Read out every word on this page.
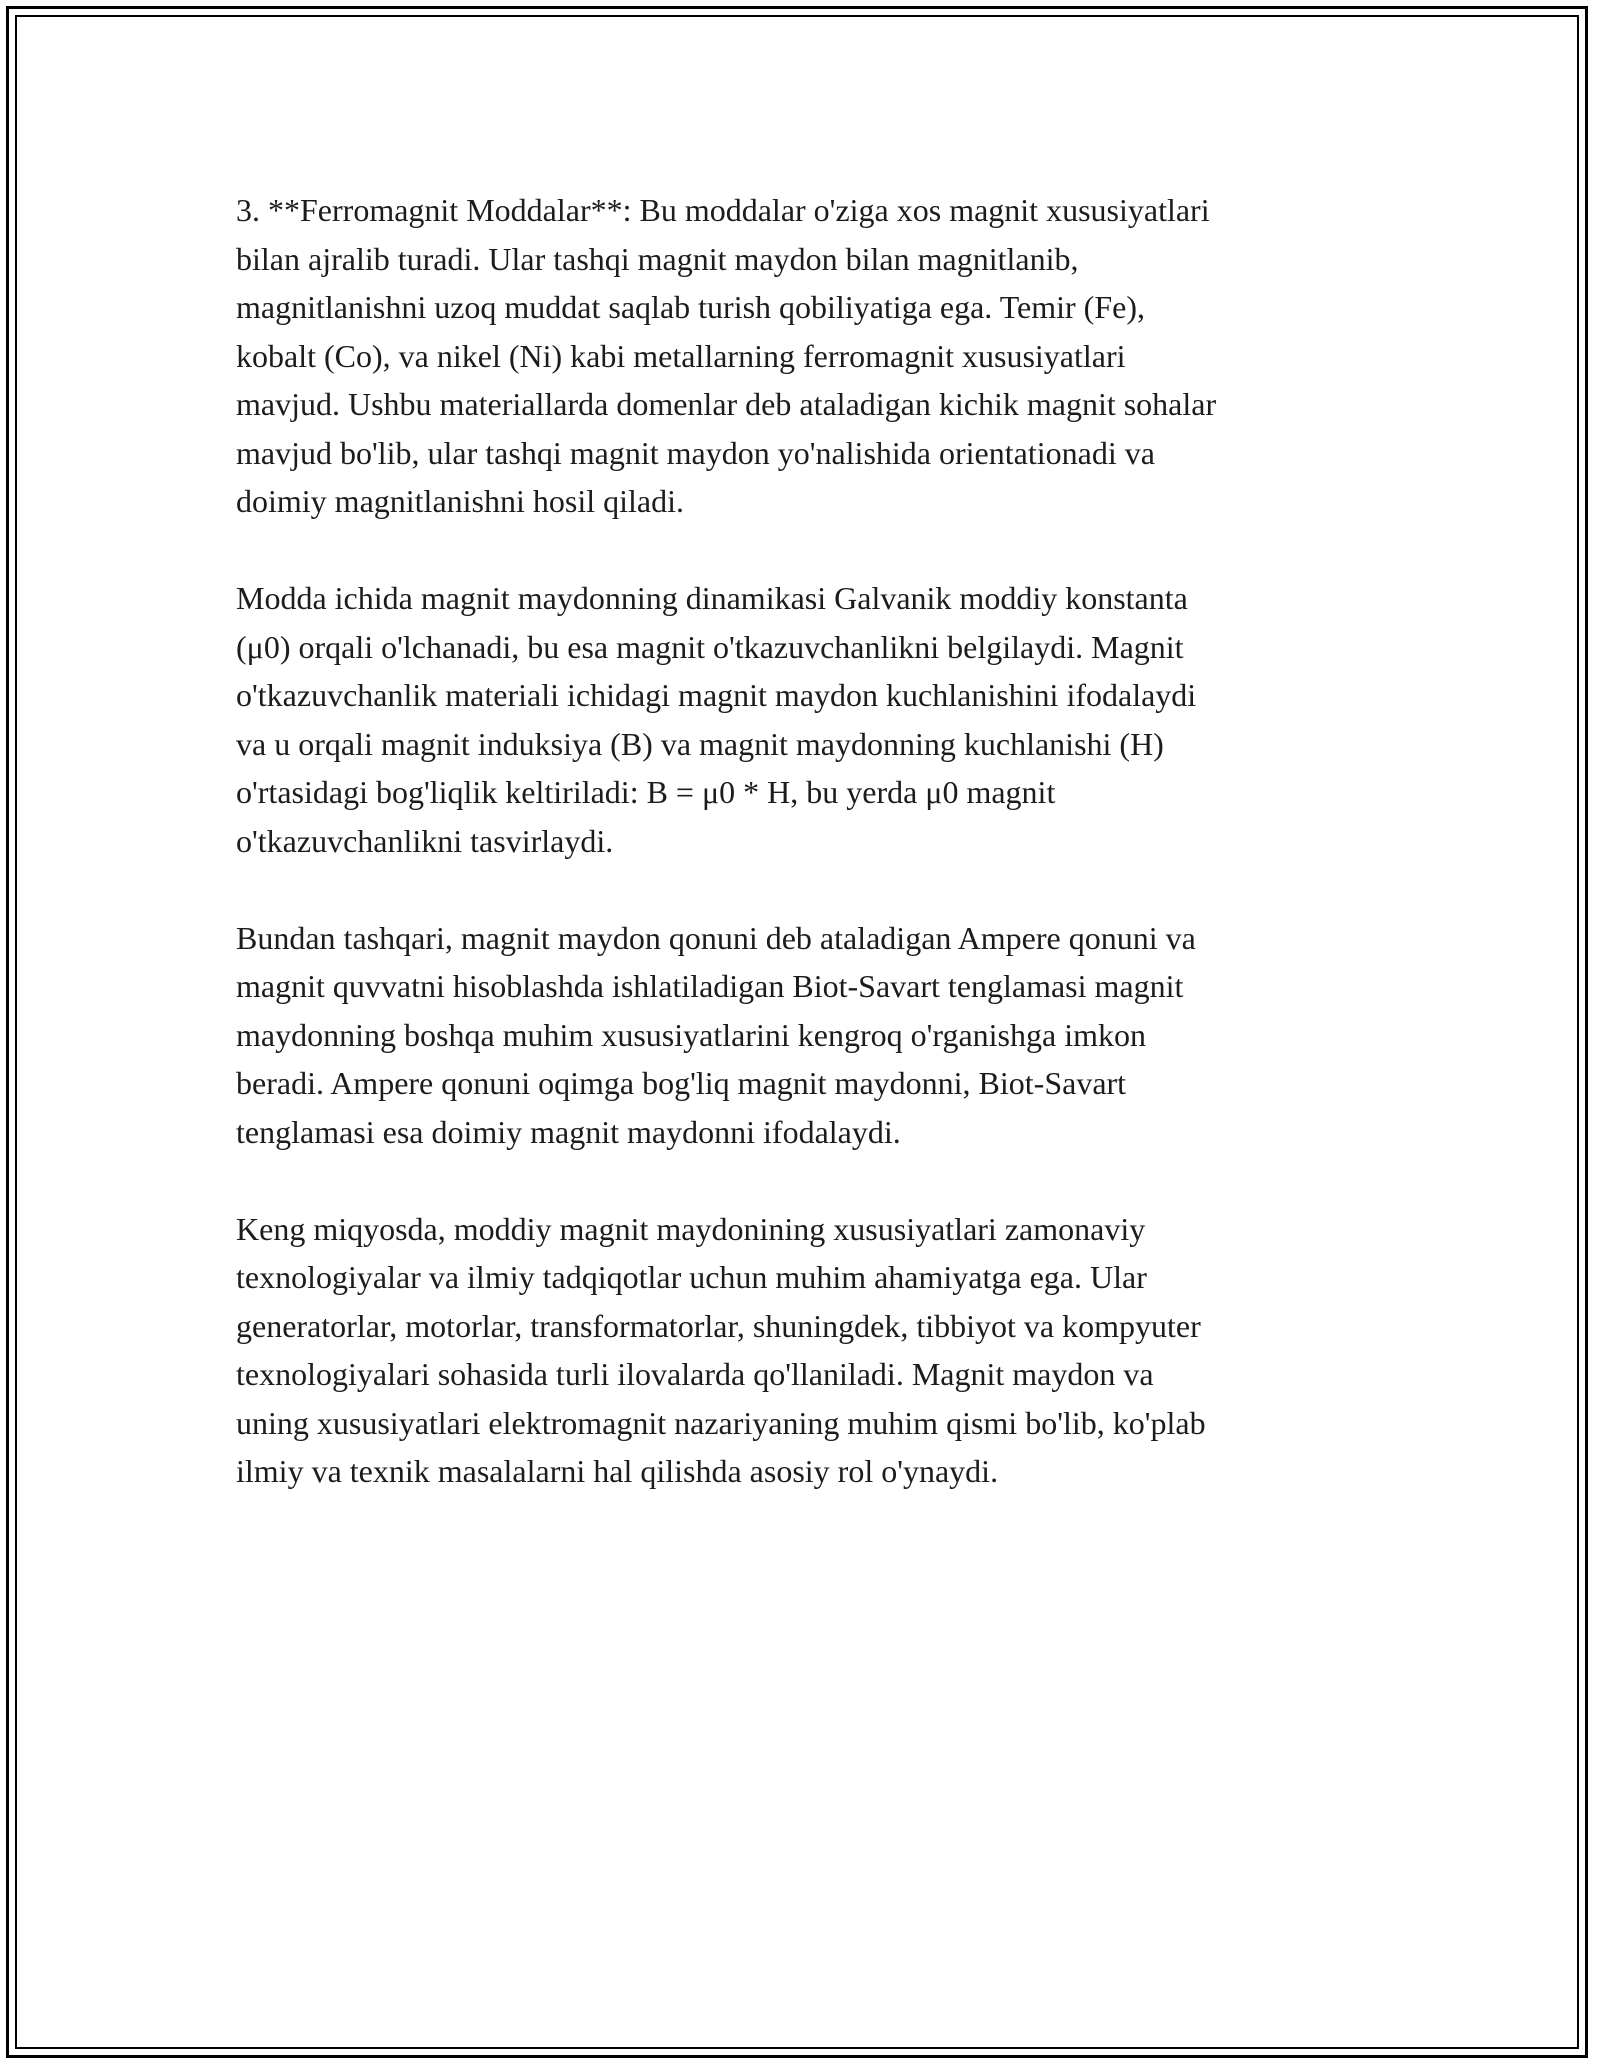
3. **Ferromagnit Moddalar**: Bu moddalar o'ziga xos magnit xususiyatlari
bilan ajralib turadi. Ular tashqi magnit maydon bilan magnitlanib,
magnitlanishni uzoq muddat saqlab turish qobiliyatiga ega. Temir (Fe),
kobalt (Co), va nikel (Ni) kabi metallarning ferromagnit xususiyatlari
mavjud. Ushbu materiallarda domenlar deb ataladigan kichik magnit sohalar
mavjud bo'lib, ular tashqi magnit maydon yo'nalishida orientationadi va
doimiy magnitlanishni hosil qiladi.

Modda ichida magnit maydonning dinamikasi Galvanik moddiy konstanta
(μ0) orqali o'lchanadi, bu esa magnit o'tkazuvchanlikni belgilaydi. Magnit
o'tkazuvchanlik materiali ichidagi magnit maydon kuchlanishini ifodalaydi
va u orqali magnit induksiya (B) va magnit maydonning kuchlanishi (H)
o'rtasidagi bog'liqlik keltiriladi: B = μ0 * H, bu yerda μ0 magnit
o'tkazuvchanlikni tasvirlaydi.

Bundan tashqari, magnit maydon qonuni deb ataladigan Ampere qonuni va
magnit quvvatni hisoblashda ishlatiladigan Biot-Savart tenglamasi magnit
maydonning boshqa muhim xususiyatlarini kengroq o'rganishga imkon
beradi. Ampere qonuni oqimga bog'liq magnit maydonni, Biot-Savart
tenglamasi esa doimiy magnit maydonni ifodalaydi.

Keng miqyosda, moddiy magnit maydonining xususiyatlari zamonaviy
texnologiyalar va ilmiy tadqiqotlar uchun muhim ahamiyatga ega. Ular
generatorlar, motorlar, transformatorlar, shuningdek, tibbiyot va kompyuter
texnologiyalari sohasida turli ilovalarda qo'llaniladi. Magnit maydon va
uning xususiyatlari elektromagnit nazariyaning muhim qismi bo'lib, ko'plab
ilmiy va texnik masalalarni hal qilishda asosiy rol o'ynaydi.
